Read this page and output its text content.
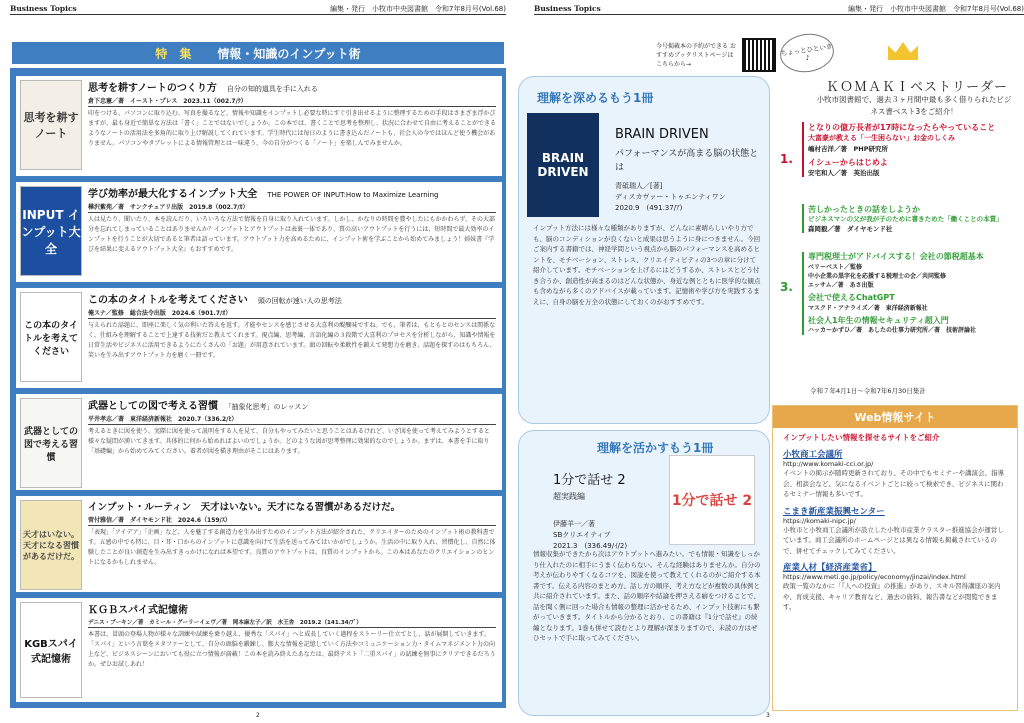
Business Topics	編集・発行　小牧市中央図書館　令和7年8月号(Vol.68)
特　集 情報・知識のインプット術
思考を耕すノート
思考を耕すノートのつくり方　 自分の知的道具を手に入れる
倉下忠憲／著　イースト・プレス　2023.11（002.7/ｸ）
印をつける、パソコンに取り込む、写真を撮るなど、情報や知識をインプットし必要な時にすぐ引き出せるように整理するための手段はさまざま浮かびますが、最も身近で簡単な方法は「書く」ことではないでしょうか。この本では、書くことで思考を整理し、状況に合わせて自由に考えることができるようなノートの活用法を多角的に取り上げ解説してくれています。学生時代には毎日のように書き込んだノートも、社会人の今ではほんど使う機会がありません。パソコンやタブレットによる情報管理とは一味違う、今の自分がつくる「ノート」を楽しんでみませんか。
INPUT インプット大全
学び効率が最大化するインプット大全　 THE POWER OF INPUT:How to Maximize Learning
樺沢紫苑／著　サンクチュアリ出版　2019.8（002.7/ｶ）
人は見たり、聞いたり、本を読んだり、いろいろな方法で情報を自身に取り入れています。しかし、かなりの時間を費やしたにもかかわらず、その大部分を忘れてしまっていることはありませんか？インプットとアウトプットは表裏一体であり、質の高いアウトプットを行うには、短時間で最大効率のインプットを行うことが大切であると筆者は語っています。アウトプット力を高めるために、インプット術を学ぶことから始めてみましょう！姉妹書『学びを結果に変えるアウトプット大全』もおすすめです。
この本のタイトルを考えてください
この本のタイトルを考えてください　 頭の回転が速い人の思考法
俺スナ／監修　総合法令出版　2024.6（901.7/ｵ）
与えられた話題に、即座に楽しく気の利いた答えを返す。才能やセンスを感じさせる大喜利の醍醐味ですね。でも、筆者は、もともとのセンスは関係なく、仕組みを理解することで上達する技術だと教えてくれます。視点編、思考編、言語化編の３段階で大喜利のプロセスを分析しながら、知識や情報を日常生活やビジネスに活用できるようにたくさんの「お題」が用意されています。頭の回転や柔軟性を鍛えて発想力を磨き、話題を探すのはもちろん、笑いを生み出すアウトプット力を磨く一冊です。
武器としての図で考える習慣
武器としての図で考える習慣　 「抽象化思考」のレッスン
平井孝志／著　東洋経済新報社　2020.7（336.2/ﾋ）
考えるときに図を使う。実際に図を使って説明をする人を見て、自分もやってみたいと思うことはあるけれど、いざ図を使って考えてみようとすると様々な疑問が湧いてきます。具体的に何から始めればよいのでしょうか。どのような図が思考整理に効果的なのでしょうか。まずは、本書を手に取り「基礎編」から始めてみてください。着者が図を描き理由がそこにはあります。
天才はいない。天才になる習慣があるだけだ。
インプット・ルーティン　天才はいない。天才になる習慣があるだけだ。
菅付雅信／著　ダイヤモンド社　2024.6（159/ｽ）
「表現」「アイデア」「企画」など、人を魅了する創造力を生み出すためのインプット方法が紹介された、クリエイターのためのインプット術の教科書です。五感の中でも特に、目・耳・口からのインプットに意識を向けて生活を送ってみてはいかがでしょうか。生活の中に取り入れ、習慣化し、自然に体験したことが良い創造を生み出すきっかけになれば本望です。良質のアウトプットは、良質のインプットから。この本はあなたのクリエイションのヒントになるかもしれません。
KGBスパイ式記憶術
ＫＧＢスパイ式記憶術
デニス・ブーキン／著　カミール・グーリーイェヴ／著　岡本麻左子／訳　水王舎　2019.2（141.34/ﾌﾞ）
本書は、冒頭の登場人物が様々な訓練や試練を乗り越え、優秀な「スパイ」へと成長していく過程をストーリー仕立てとし、話が展開していきます。「スパイ」という言葉をメタファーとして、自分の頭脳を鍛錬し、膨大な情報を記憶していく方法やコミュニケーション力・タイムマネジメント力の向上など、ビジネスシーンにおいても役に立つ情報が満載！この本を読み終えたあなたは、最終テスト「二重スパイ」の試練を無事にクリアできるだろうか。ぜひお試しあれ！
2
Business Topics	編集・発行　小牧市中央図書館　令和7年8月号(Vol.68)
今号掲載本の予約ができる おすすめブックリストページはこちらから→
理解を深めるもう1冊
BRAIN DRIVEN
BRAIN DRIVEN
パフォーマンスが高まる脳の状態とは
青砥瑞人／[著]
ディスカヴァー・トゥエンティワン
2020.9　(491.37/ｱ)
インプット方法には様々な種類がありますが、どんなに素晴らしいやり方でも、脳のコンディションが良くないと成果は思うように身につきません。今回ご案内する書籍では、神経学問という視点から脳のパフォーマンスを高めるヒントを、モチベーション、ストレス、クリエイティビティの3つの章に分けて紹介しています。モチベーションを上げるにはどうするか、ストレスとどう付き合うか、創造性が高まるのはどんな状態か、身近な例とともに医学的な観点も含めながら多くのアドバイスが載っています。記憶術や学び方を実践するまえに、自身の脳を万全の状態にしておくのがおすすめです。
理解を活かすもう1冊
1分で話せ 2
超実践編
伊藤羊一／著
SBクリエイティブ
2021.3　(336.49/ｲ/2)
1分で話せ 2
情報収集ができたから次はアウトプットへ進みたい。でも情報・知識をしっかり仕入れたのに相手にうまく伝わらない。そんな経験はありませんか。自分の考えが伝わりやすくなるコツを、図説を使って教えてくれるのがご紹介する本書です。伝える内容のまとめ方、話し方の順序、考え方などが複数の具体例と共に紹介されています。また、話の順序や結論を押さえる癖をつけることで、話を聞く側に回った場合も情報の整理に活かせるため、インプット技術にも繋がっていきます。タイトルから分かるとおり、この書籍は『1分で話せ』の続編となります。1巻も併せて読むとより理解が深まりますので、未読の方はぜひセットで手に取ってみてください。
ちょっとひといき♪
ＫＯＭＡＫＩベストリーダー
小牧市図書館で、過去３ヶ月間中最も多く借りられたビジネス書ベスト3をご紹介！
1.
となりの億万長者が17時になったらやっていること
大富豪が教える「一生困らない」お金のしくみ
嶋村吉洋／著　PHP研究所
イシューからはじめよ
安宅和人／著　英治出版
苦しかったときの話をしようか
ビジネスマンの父が我が子のために書きためた「働くことの本質」
森岡毅／著　ダイヤモンド社
3.
専門税理士がアドバイスする！会社の節税超基本
ベリーベスト／監修
中小企業の黒字化を応援する税理士の会／共同監修
エッサム／著　あさ出版
会社で使えるChatGPT
マスクド・アナライズ／著　東洋経済新報社
社会人1年生の情報セキュリティ超入門
ハッカーかずひ／著　あしたの仕事力研究所／著　技術評論社
令和７年4月1日～令和7年6月30日集計
Web情報サイト
インプットしたい情報を探せるサイトをご紹介
小牧商工会議所
http://www.komaki-cci.or.jp/
イベントの掲示が随時更新されており、その中でもセミナーや講演会、指導会、相談会など、気になるイベントごとに絞って検索でき、ビジネスに関わるセミナー情報も多いです。
こまき新産業振興センター
https://komaki-nipc.jp/
小牧市と小牧商工会議所が設立した小牧市産業クラスター推進協会が運営しています。商工会議所のホームページとは異なる情報も掲載されているので、併せてチェックしてみてください。
産業人材【経済産業省】
https://www.meti.go.jp/policy/economy/jinzai/index.html
政策一覧のなかに「『人への投資』の推進」があり、スキル習得講座の案内や、育成支援、キャリア教育など、過去の資料、報告書などが閲覧できます。
3
